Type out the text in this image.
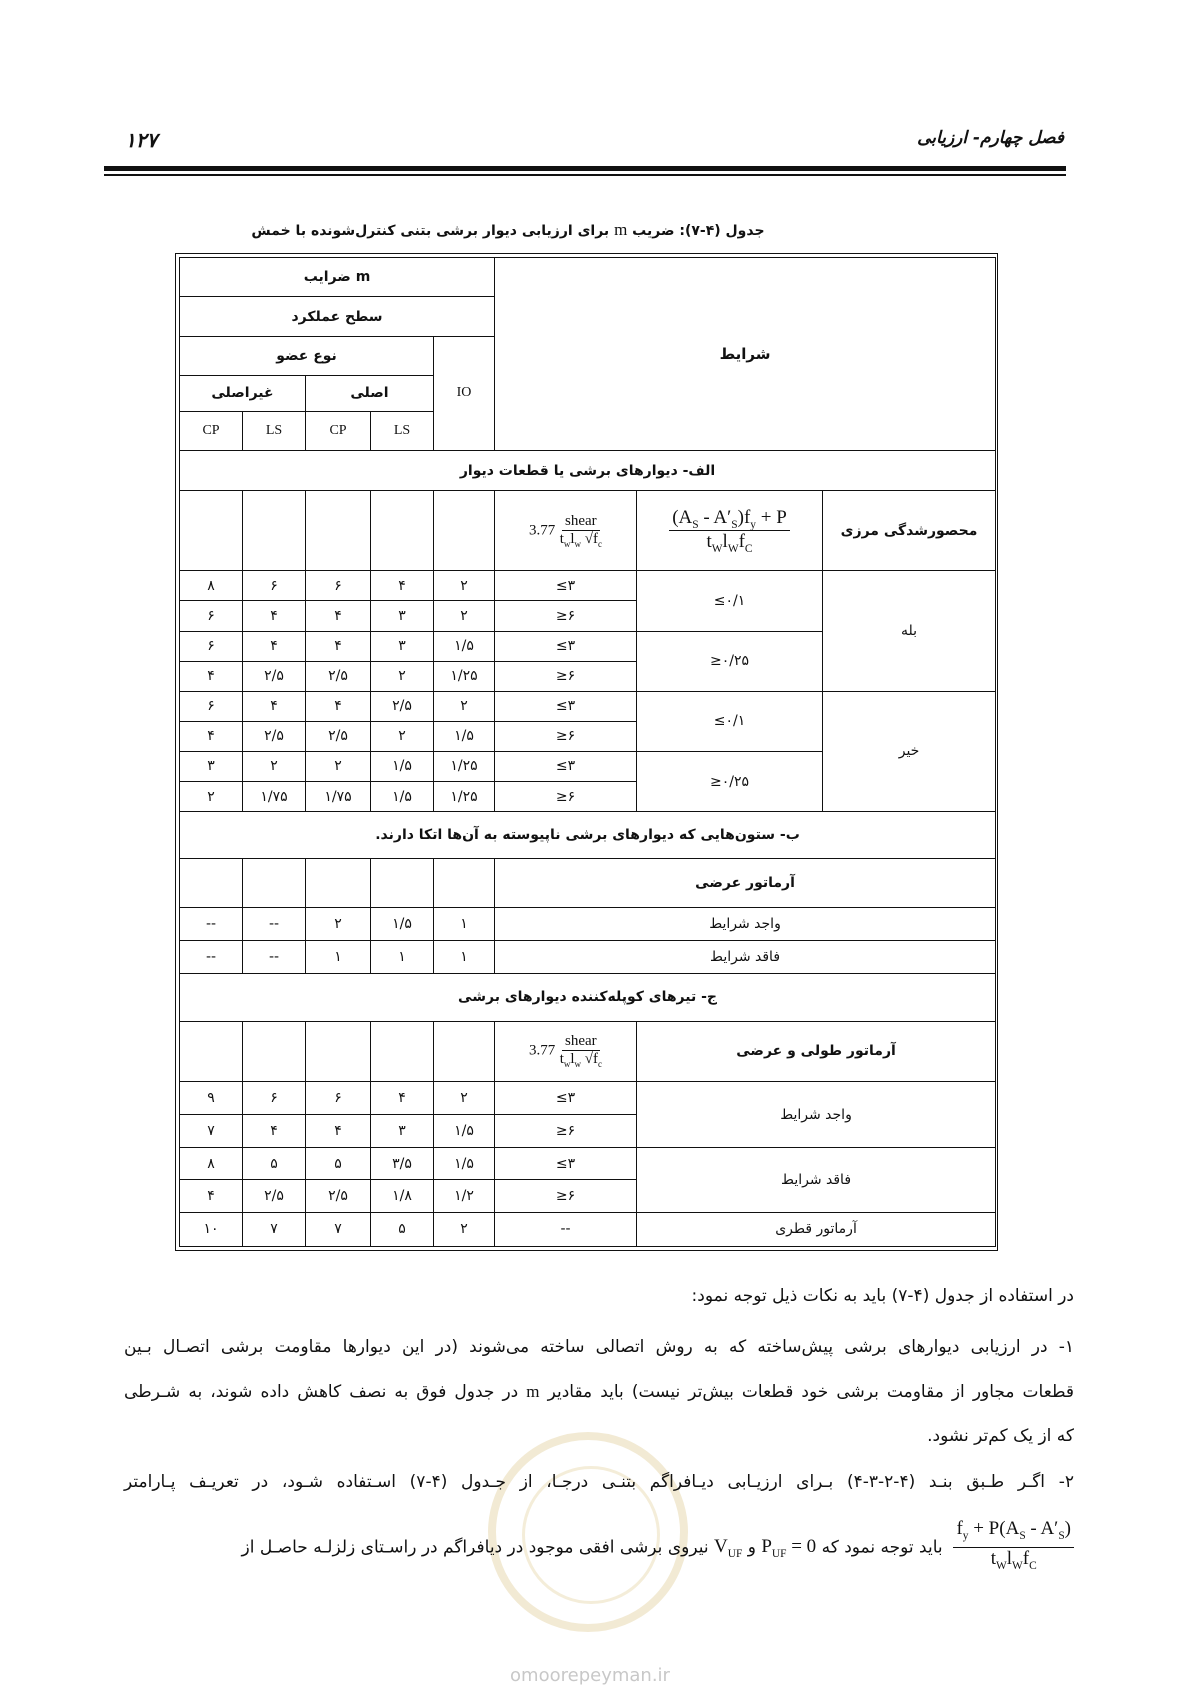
۱۲۷	فصل چهارم- ارزیابی
جدول (۴-۷): ضریب m برای ارزیابی دیوار برشی بتنی کنترل‌شونده با خمش
ضرایب m					شرایط		
سطح عملکرد							
نوع عضو				IO			
غیراصلی		اصلی					
CP	LS	CP	LS				
الف- دیوارهای برشی یا قطعات دیوار							
					$3.77 \frac{\text{shear}}{t_wl_w √f_c}$	$\frac{(A_S - A'_S)f_y + P}{t_Wl_Wf_C}$	محصورشدگی مرزی
۸	۶	۶	۴	۲	≤۳	≤۰/۱	بله
۶	۴	۴	۳	۲	≥۶		
۶	۴	۴	۳	۱/۵	≤۳	≥۰/۲۵	
۴	۲/۵	۲/۵	۲	۱/۲۵	≥۶		
۶	۴	۴	۲/۵	۲	≤۳	≤۰/۱	خیر
۴	۲/۵	۲/۵	۲	۱/۵	≥۶		
۳	۲	۲	۱/۵	۱/۲۵	≤۳	≥۰/۲۵	
۲	۱/۷۵	۱/۷۵	۱/۵	۱/۲۵	≥۶		
ب- ستون‌هایی که دیوارهای برشی ناپیوسته به آن‌ها اتکا دارند.							
					آرماتور عرضی		
--	--	۲	۱/۵	۱	واجد شرایط		
--	--	۱	۱	۱	فاقد شرایط		
ج- تیرهای کوپله‌کننده دیوارهای برشی							
					$3.77 \frac{\text{shear}}{t_wl_w √f_c}$	آرماتور طولی و عرضی	
۹	۶	۶	۴	۲	≤۳	واجد شرایط	
۷	۴	۴	۳	۱/۵	≥۶		
۸	۵	۵	۳/۵	۱/۵	≤۳	فاقد شرایط	
۴	۲/۵	۲/۵	۱/۸	۱/۲	≥۶		
۱۰	۷	۷	۵	۲	--	آرماتور قطری	
omoorepeyman.ir
در استفاده از جدول (۴-۷) باید به نکات ذیل توجه نمود:
۱- در ارزیابی دیوارهای برشی پیش‌ساخته که به روش اتصالی ساخته می‌شوند (در این دیوارها مقاومت برشی اتصـال بـین
قطعات مجاور از مقاومت برشی خود قطعات بیش‌تر نیست) باید مقادیر m در جدول فوق به نصف کاهش داده شوند، به شـرطی
که از یک کم‌تر نشود.
۲- اگـر طـبق بنـد (۴-۲-۳-۴) بـرای ارزیـابی دیـافراگم بتنـی درجـا، از جـدول (۴-۷) اسـتفاده شـود، در تعریـف پـارامتر
$\frac{(A_S - A'_S)f_y + P}{t_Wl_Wf_C}$
باید توجه نمود که $P_{UF} = 0$ و $V_{UF}$ نیروی برشی افقی موجود در دیافراگم در راسـتای زلزلـه حاصـل از
